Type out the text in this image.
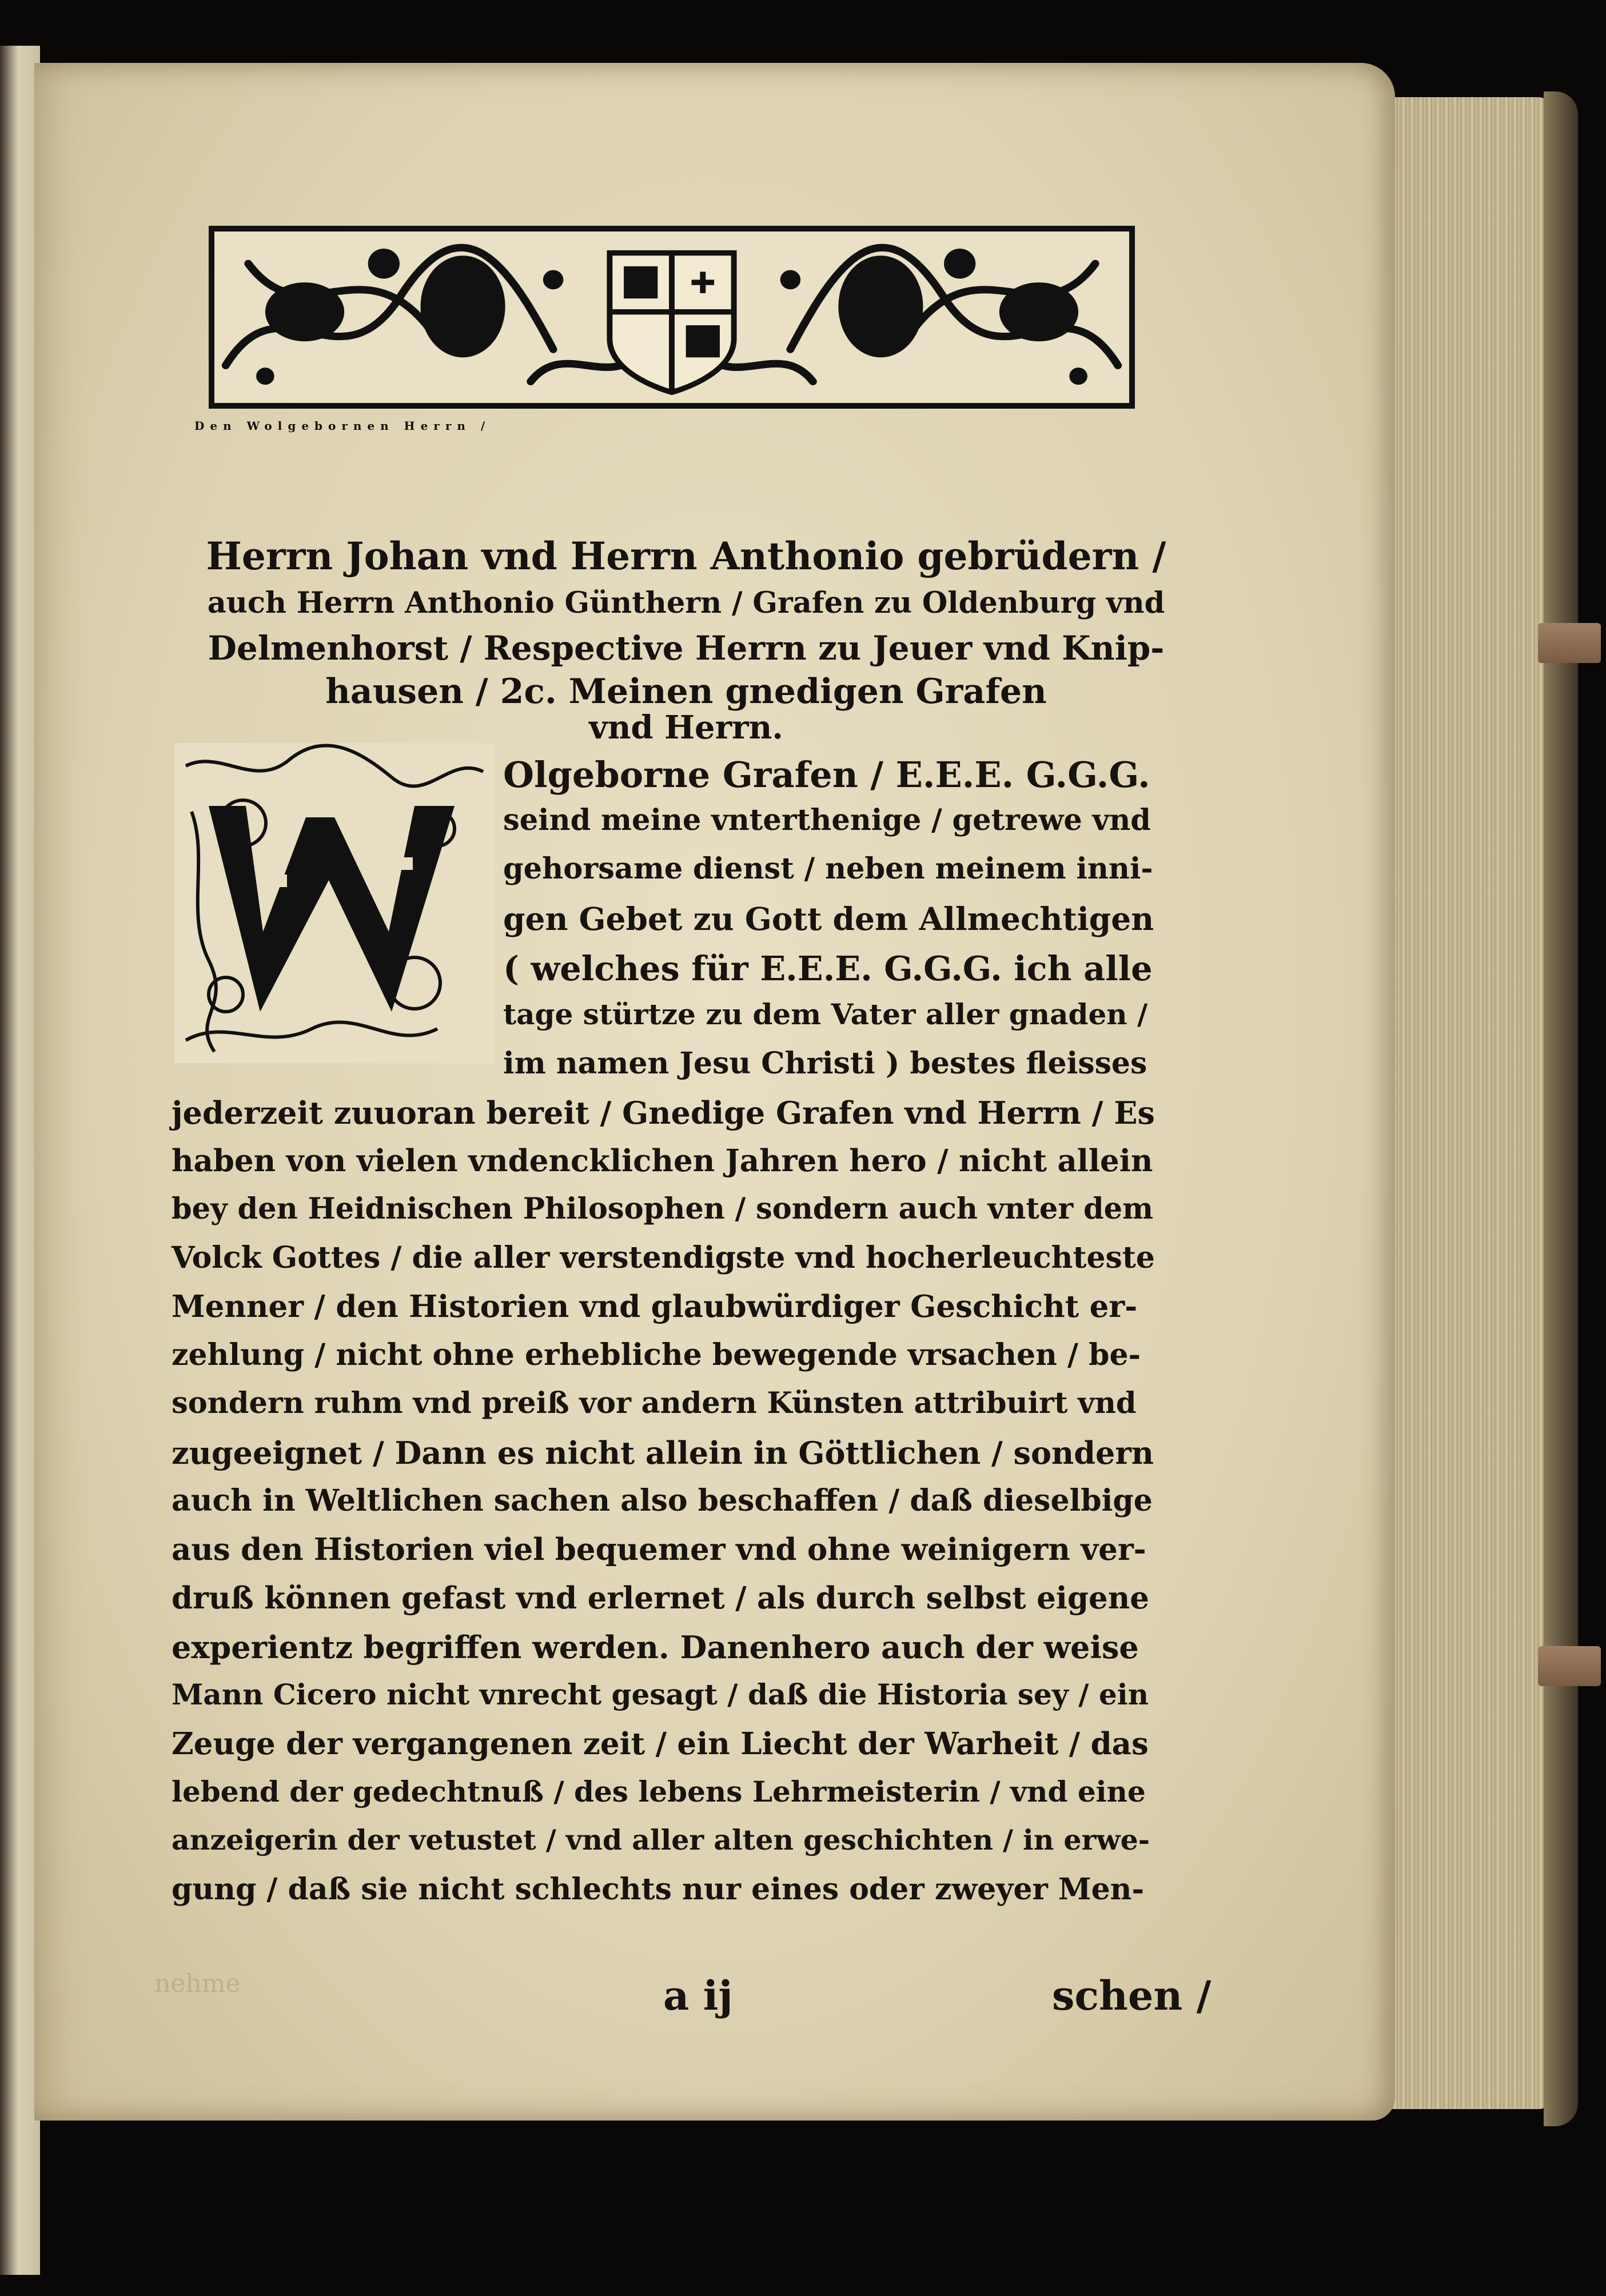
Den Wolgebornen Herrn /
Herrn Johan vnd Herrn Anthonio gebrüdern /
auch Herrn Anthonio Günthern / Grafen zu Oldenburg vnd
Delmenhorst / Respective Herrn zu Jeuer vnd Knip-
hausen / 2c. Meinen gnedigen Grafen
vnd Herrn.
Olgeborne Grafen / E.E.E. G.G.G.
seind meine vnterthenige / getrewe vnd
gehorsame dienst / neben meinem inni-
gen Gebet zu Gott dem Allmechtigen
( welches für E.E.E. G.G.G. ich alle
tage stürtze zu dem Vater aller gnaden /
im namen Jesu Christi ) bestes fleisses
jederzeit zuuoran bereit / Gnedige Grafen vnd Herrn / Es
haben von vielen vndencklichen Jahren hero / nicht allein
bey den Heidnischen Philosophen / sondern auch vnter dem
Volck Gottes / die aller verstendigste vnd hocherleuchteste
Menner / den Historien vnd glaubwürdiger Geschicht er-
zehlung / nicht ohne erhebliche bewegende vrsachen / be-
sondern ruhm vnd preiß vor andern Künsten attribuirt vnd
zugeeignet / Dann es nicht allein in Göttlichen / sondern
auch in Weltlichen sachen also beschaffen / daß dieselbige
aus den Historien viel bequemer vnd ohne weinigern ver-
druß können gefast vnd erlernet / als durch selbst eigene
experientz begriffen werden. Danenhero auch der weise
Mann Cicero nicht vnrecht gesagt / daß die Historia sey / ein
Zeuge der vergangenen zeit / ein Liecht der Warheit / das
lebend der gedechtnuß / des lebens Lehrmeisterin / vnd eine
anzeigerin der vetustet / vnd aller alten geschichten / in erwe-
gung / daß sie nicht schlechts nur eines oder zweyer Men-
nehme	a ij	schen /
